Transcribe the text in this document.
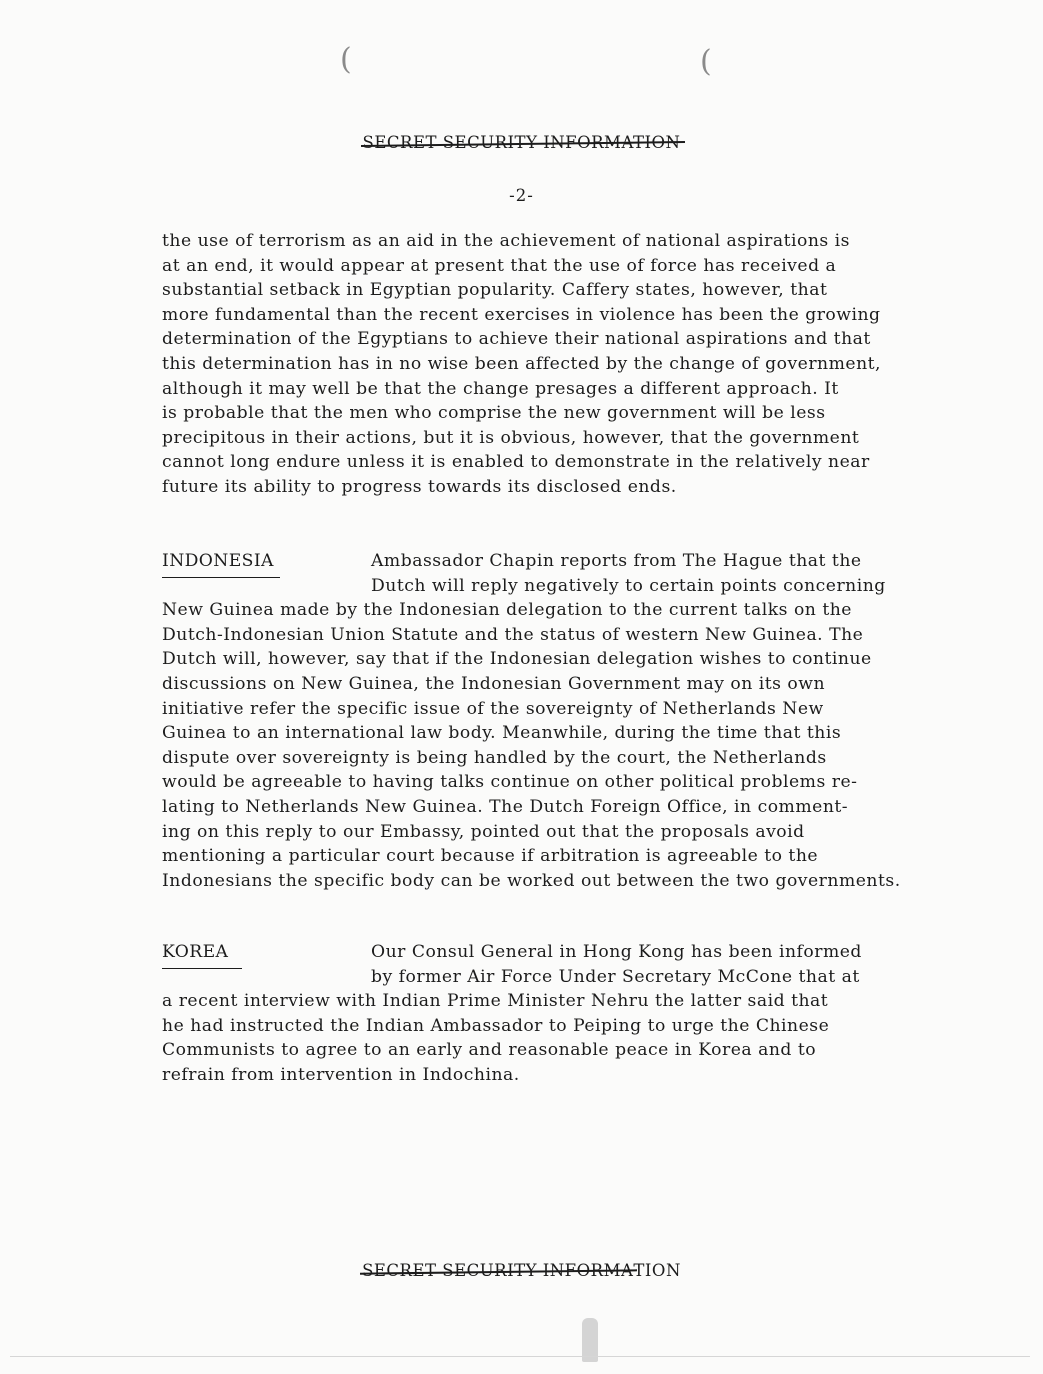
(	(
SECRET SECURITY INFORMATION
-2-
the use of terrorism as an aid in the achievement of national aspirations is
at an end, it would appear at present that the use of force has received a
substantial setback in Egyptian popularity. Caffery states, however, that
more fundamental than the recent exercises in violence has been the growing
determination of the Egyptians to achieve their national aspirations and that
this determination has in no wise been affected by the change of government,
although it may well be that the change presages a different approach. It
is probable that the men who comprise the new government will be less
precipitous in their actions, but it is obvious, however, that the government
cannot long endure unless it is enabled to demonstrate in the relatively near
future its ability to progress towards its disclosed ends.
INDONESIA	Ambassador Chapin reports from The Hague that the
Dutch will reply negatively to certain points concerning
New Guinea made by the Indonesian delegation to the current talks on the
Dutch-Indonesian Union Statute and the status of western New Guinea. The
Dutch will, however, say that if the Indonesian delegation wishes to continue
discussions on New Guinea, the Indonesian Government may on its own
initiative refer the specific issue of the sovereignty of Netherlands New
Guinea to an international law body. Meanwhile, during the time that this
dispute over sovereignty is being handled by the court, the Netherlands
would be agreeable to having talks continue on other political problems re-
lating to Netherlands New Guinea. The Dutch Foreign Office, in comment-
ing on this reply to our Embassy, pointed out that the proposals avoid
mentioning a particular court because if arbitration is agreeable to the
Indonesians the specific body can be worked out between the two governments.
KOREA	Our Consul General in Hong Kong has been informed
by former Air Force Under Secretary McCone that at
a recent interview with Indian Prime Minister Nehru the latter said that
he had instructed the Indian Ambassador to Peiping to urge the Chinese
Communists to agree to an early and reasonable peace in Korea and to
refrain from intervention in Indochina.
SECRET SECURITY INFORMATION
